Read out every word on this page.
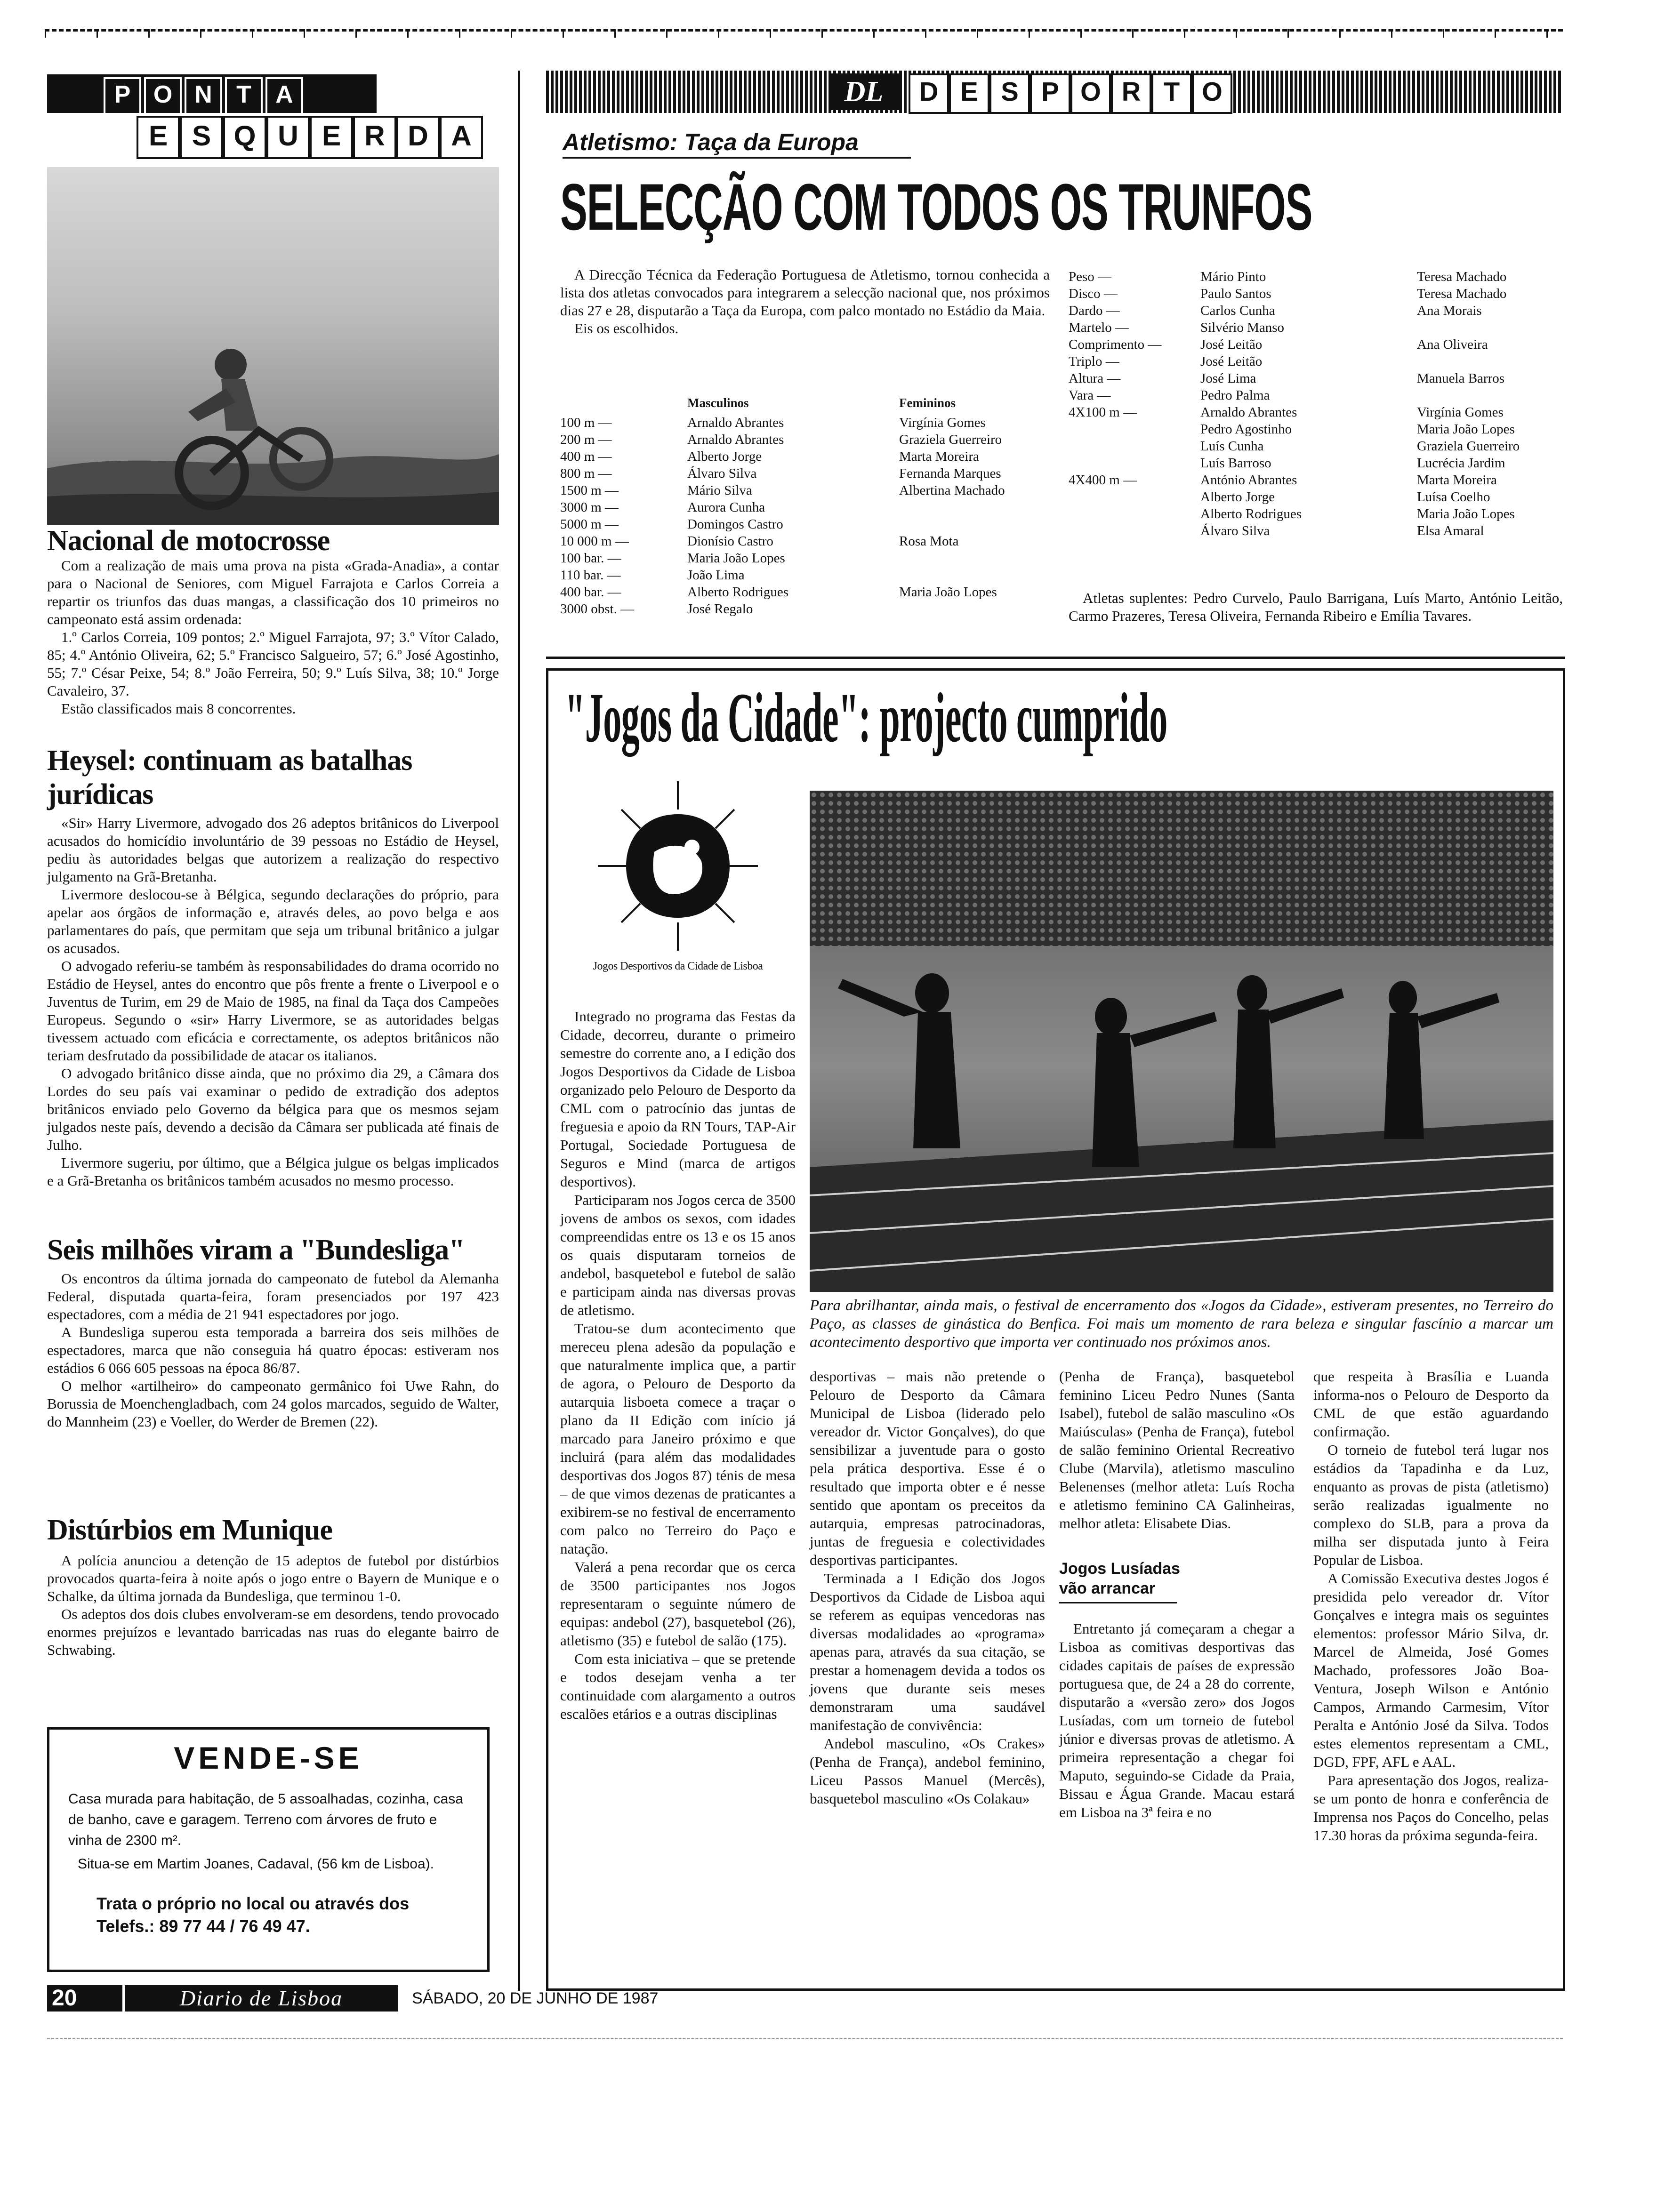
P O N T A
E S Q U E R D A
Nacional de motocrosse

Com a realização de mais uma prova na pista «Grada-Anadia», a contar para o Nacional de Seniores, com Miguel Farrajota e Carlos Correia a repartir os triunfos das duas mangas, a classificação dos 10 primeiros no campeonato está assim ordenada:

1.º Carlos Correia, 109 pontos; 2.º Miguel Farrajota, 97; 3.º Vítor Calado, 85; 4.º António Oliveira, 62; 5.º Francisco Salgueiro, 57; 6.º José Agostinho, 55; 7.º César Peixe, 54; 8.º João Ferreira, 50; 9.º Luís Silva, 38; 10.º Jorge Cavaleiro, 37.

Estão classificados mais 8 concorrentes.

Heysel: continuam as batalhas jurídicas

«Sir» Harry Livermore, advogado dos 26 adeptos britânicos do Liverpool acusados do homicídio involuntário de 39 pessoas no Estádio de Heysel, pediu às autoridades belgas que autorizem a realização do respectivo julgamento na Grã-Bretanha.

Livermore deslocou-se à Bélgica, segundo declarações do próprio, para apelar aos órgãos de informação e, através deles, ao povo belga e aos parlamentares do país, que permitam que seja um tribunal britânico a julgar os acusados.

O advogado referiu-se também às responsabilidades do drama ocorrido no Estádio de Heysel, antes do encontro que pôs frente a frente o Liverpool e o Juventus de Turim, em 29 de Maio de 1985, na final da Taça dos Campeões Europeus. Segundo o «sir» Harry Livermore, se as autoridades belgas tivessem actuado com eficácia e correctamente, os adeptos britânicos não teriam desfrutado da possibilidade de atacar os italianos.

O advogado britânico disse ainda, que no próximo dia 29, a Câmara dos Lordes do seu país vai examinar o pedido de extradição dos adeptos britânicos enviado pelo Governo da bélgica para que os mesmos sejam julgados neste país, devendo a decisão da Câmara ser publicada até finais de Julho.

Livermore sugeriu, por último, que a Bélgica julgue os belgas implicados e a Grã-Bretanha os britânicos também acusados no mesmo processo.

Seis milhões viram a "Bundesliga"

Os encontros da última jornada do campeonato de futebol da Alemanha Federal, disputada quarta-feira, foram presenciados por 197 423 espectadores, com a média de 21 941 espectadores por jogo.

A Bundesliga superou esta temporada a barreira dos seis milhões de espectadores, marca que não conseguia há quatro épocas: estiveram nos estádios 6 066 605 pessoas na época 86/87.

O melhor «artilheiro» do campeonato germânico foi Uwe Rahn, do Borussia de Moenchengladbach, com 24 golos marcados, seguido de Walter, do Mannheim (23) e Voeller, do Werder de Bremen (22).

Distúrbios em Munique

A polícia anunciou a detenção de 15 adeptos de futebol por distúrbios provocados quarta-feira à noite após o jogo entre o Bayern de Munique e o Schalke, da última jornada da Bundesliga, que terminou 1-0.

Os adeptos dos dois clubes envolveram-se em desordens, tendo provocado enormes prejuízos e levantado barricadas nas ruas do elegante bairro de Schwabing.

VENDE-SE
Casa murada para habitação, de 5 assoalhadas, cozinha, casa de banho, cave e garagem. Terreno com árvores de fruto e vinha de 2300 m².
Situa-se em Martim Joanes, Cadaval, (56 km de Lisboa).
Trata o próprio no local ou através dos
Telefs.: 89 77 44 / 76 49 47.
DL	D E S P O R T O
Atletismo: Taça da Europa
SELECÇÃO COM TODOS OS TRUNFOS

A Direcção Técnica da Federação Portuguesa de Atletismo, tornou conhecida a lista dos atletas convocados para integrarem a selecção nacional que, nos próximos dias 27 e 28, disputarão a Taça da Europa, com palco montado no Estádio da Maia.

Eis os escolhidos.

	Masculinos	Femininos
100 m —	Arnaldo Abrantes	Virgínia Gomes
200 m —	Arnaldo Abrantes	Graziela Guerreiro
400 m —	Alberto Jorge	Marta Moreira
800 m —	Álvaro Silva	Fernanda Marques
1500 m —	Mário Silva	Albertina Machado
3000 m —	Aurora Cunha	
5000 m —	Domingos Castro	
10 000 m —	Dionísio Castro	Rosa Mota
100 bar. —	Maria João Lopes	
110 bar. —	João Lima	
400 bar. —	Alberto Rodrigues	Maria João Lopes
3000 obst. —	José Regalo	
Peso —	Mário Pinto	Teresa Machado
Disco —	Paulo Santos	Teresa Machado
Dardo —	Carlos Cunha	Ana Morais
Martelo —	Silvério Manso	
Comprimento —	José Leitão	Ana Oliveira
Triplo —	José Leitão	
Altura —	José Lima	Manuela Barros
Vara —	Pedro Palma	
4X100 m —	Arnaldo Abrantes	Virgínia Gomes
	Pedro Agostinho	Maria João Lopes
	Luís Cunha	Graziela Guerreiro
	Luís Barroso	Lucrécia Jardim
4X400 m —	António Abrantes	Marta Moreira
	Alberto Jorge	Luísa Coelho
	Alberto Rodrigues	Maria João Lopes
	Álvaro Silva	Elsa Amaral
Atletas suplentes: Pedro Curvelo, Paulo Barrigana, Luís Marto, António Leitão, Carmo Prazeres, Teresa Oliveira, Fernanda Ribeiro e Emília Tavares.
"Jogos da Cidade": projecto cumprido
Jogos Desportivos da Cidade de Lisboa
Para abrilhantar, ainda mais, o festival de encerramento dos «Jogos da Cidade», estiveram presentes, no Terreiro do Paço, as classes de ginástica do Benfica. Foi mais um momento de rara beleza e singular fascínio a marcar um acontecimento desportivo que importa ver continuado nos próximos anos.

Integrado no programa das Festas da Cidade, decorreu, durante o primeiro semestre do corrente ano, a I edição dos Jogos Desportivos da Cidade de Lisboa organizado pelo Pelouro de Desporto da CML com o patrocínio das juntas de freguesia e apoio da RN Tours, TAP-Air Portugal, Sociedade Portuguesa de Seguros e Mind (marca de artigos desportivos).

Participaram nos Jogos cerca de 3500 jovens de ambos os sexos, com idades compreendidas entre os 13 e os 15 anos os quais disputaram torneios de andebol, basquetebol e futebol de salão e participam ainda nas diversas provas de atletismo.

Tratou-se dum acontecimento que mereceu plena adesão da população e que naturalmente implica que, a partir de agora, o Pelouro de Desporto da autarquia lisboeta comece a traçar o plano da II Edição com início já marcado para Janeiro próximo e que incluirá (para além das modalidades desportivas dos Jogos 87) ténis de mesa – de que vimos dezenas de praticantes a exibirem-se no festival de encerramento com palco no Terreiro do Paço e natação.

Valerá a pena recordar que os cerca de 3500 participantes nos Jogos representaram o seguinte número de equipas: andebol (27), basquetebol (26), atletismo (35) e futebol de salão (175).

Com esta iniciativa – que se pretende e todos desejam venha a ter continuidade com alargamento a outros escalões etários e a outras disciplinas

desportivas – mais não pretende o Pelouro de Desporto da Câmara Municipal de Lisboa (liderado pelo vereador dr. Victor Gonçalves), do que sensibilizar a juventude para o gosto pela prática desportiva. Esse é o resultado que importa obter e é nesse sentido que apontam os preceitos da autarquia, empresas patrocinadoras, juntas de freguesia e colectividades desportivas participantes.

Terminada a I Edição dos Jogos Desportivos da Cidade de Lisboa aqui se referem as equipas vencedoras nas diversas modalidades ao «programa» apenas para, através da sua citação, se prestar a homenagem devida a todos os jovens que durante seis meses demonstraram uma saudável manifestação de convivência:

Andebol masculino, «Os Crakes» (Penha de França), andebol feminino, Liceu Passos Manuel (Mercês), basquetebol masculino «Os Colakau»

(Penha de França), basquetebol feminino Liceu Pedro Nunes (Santa Isabel), futebol de salão masculino «Os Maiúsculas» (Penha de França), futebol de salão feminino Oriental Recreativo Clube (Marvila), atletismo masculino Belenenses (melhor atleta: Luís Rocha e atletismo feminino CA Galinheiras, melhor atleta: Elisabete Dias.

Jogos Lusíadas
vão arrancar

Entretanto já começaram a chegar a Lisboa as comitivas desportivas das cidades capitais de países de expressão portuguesa que, de 24 a 28 do corrente, disputarão a «versão zero» dos Jogos Lusíadas, com um torneio de futebol júnior e diversas provas de atletismo. A primeira representação a chegar foi Maputo, seguindo-se Cidade da Praia, Bissau e Água Grande. Macau estará em Lisboa na 3ª feira e no

que respeita à Brasília e Luanda informa-nos o Pelouro de Desporto da CML de que estão aguardando confirmação.

O torneio de futebol terá lugar nos estádios da Tapadinha e da Luz, enquanto as provas de pista (atletismo) serão realizadas igualmente no complexo do SLB, para a prova da milha ser disputada junto à Feira Popular de Lisboa.

A Comissão Executiva destes Jogos é presidida pelo vereador dr. Vítor Gonçalves e integra mais os seguintes elementos: professor Mário Silva, dr. Marcel de Almeida, José Gomes Machado, professores João Boa-Ventura, Joseph Wilson e António Campos, Armando Carmesim, Vítor Peralta e António José da Silva. Todos estes elementos representam a CML, DGD, FPF, AFL e AAL.

Para apresentação dos Jogos, realiza-se um ponto de honra e conferência de Imprensa nos Paços do Concelho, pelas 17.30 horas da próxima segunda-feira.

20	Diario de Lisboa	SÁBADO, 20 DE JUNHO DE 1987
